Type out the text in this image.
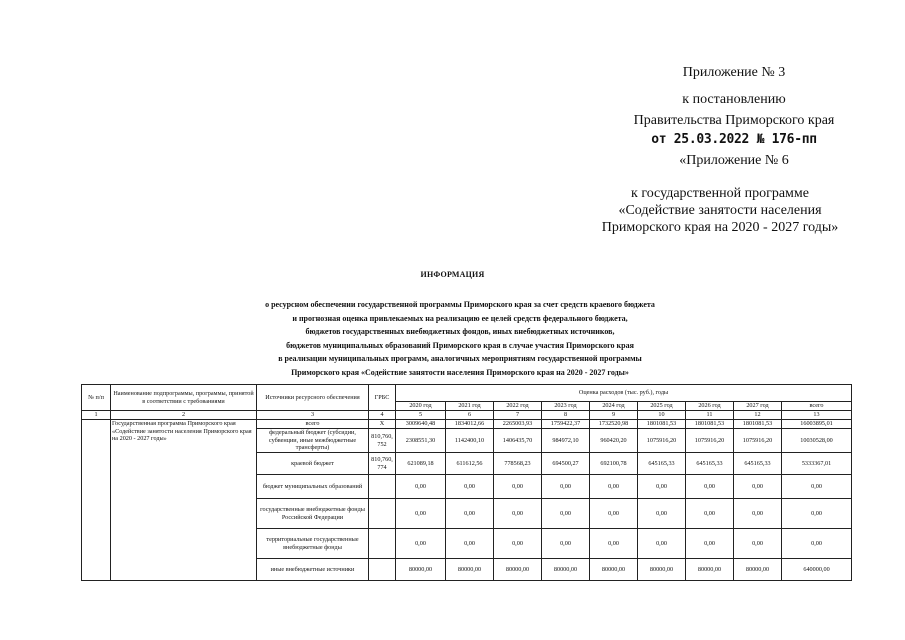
Приложение № 3
к постановлению
Правительства Приморского края
от 25.03.2022 № 176-пп
«Приложение № 6
к государственной программе
«Содействие занятости населения
Приморского края на 2020 - 2027 годы»
ИНФОРМАЦИЯ
о ресурсном обеспечении государственной программы Приморского края за счет средств краевого бюджета
и прогнозная оценка привлекаемых на реализацию ее целей средств федерального бюджета,
бюджетов государственных внебюджетных фондов, иных внебюджетных источников,
бюджетов муниципальных образований Приморского края в случае участия Приморского края
в реализации муниципальных программ, аналогичных мероприятиям государственной программы
Приморского края «Содействие занятости населения Приморского края на 2020 - 2027 годы»
№ п/п	Наименование подпрограммы, программы, принятой в соответствии с требованиями	Источники ресурсного обеспечения	ГРБС	Оценка расходов (тыс. руб.), годы								
				2020 год	2021 год	2022 год	2023 год	2024 год	2025 год	2026 год	2027 год	всего
1	2	3	4	5	6	7	8	9	10	11	12	13
	Государственная программа Приморского края «Содействие занятости населения Приморского края на 2020 - 2027 годы»	всего	X	3009640,48	1834012,66	2265003,93	1759422,37	1732520,98	1801081,53	1801081,53	1801081,53	16003895,01
		федеральный бюджет (субсидии, субвенции, иные межбюджетные трансферты)	810,760, 752	2308551,30	1142400,10	1406435,70	984972,10	960420,20	1075916,20	1075916,20	1075916,20	10030528,00
		краевой бюджет	810,760, 774	621089,18	611612,56	778568,23	694500,27	692100,78	645165,33	645165,33	645165,33	5333367,01
		бюджет муниципальных образований		0,00	0,00	0,00	0,00	0,00	0,00	0,00	0,00	0,00
		государственные внебюджетные фонды Российской Федерации		0,00	0,00	0,00	0,00	0,00	0,00	0,00	0,00	0,00
		территориальные государственные внебюджетные фонды		0,00	0,00	0,00	0,00	0,00	0,00	0,00	0,00	0,00
		иные внебюджетные источники		80000,00	80000,00	80000,00	80000,00	80000,00	80000,00	80000,00	80000,00	640000,00
